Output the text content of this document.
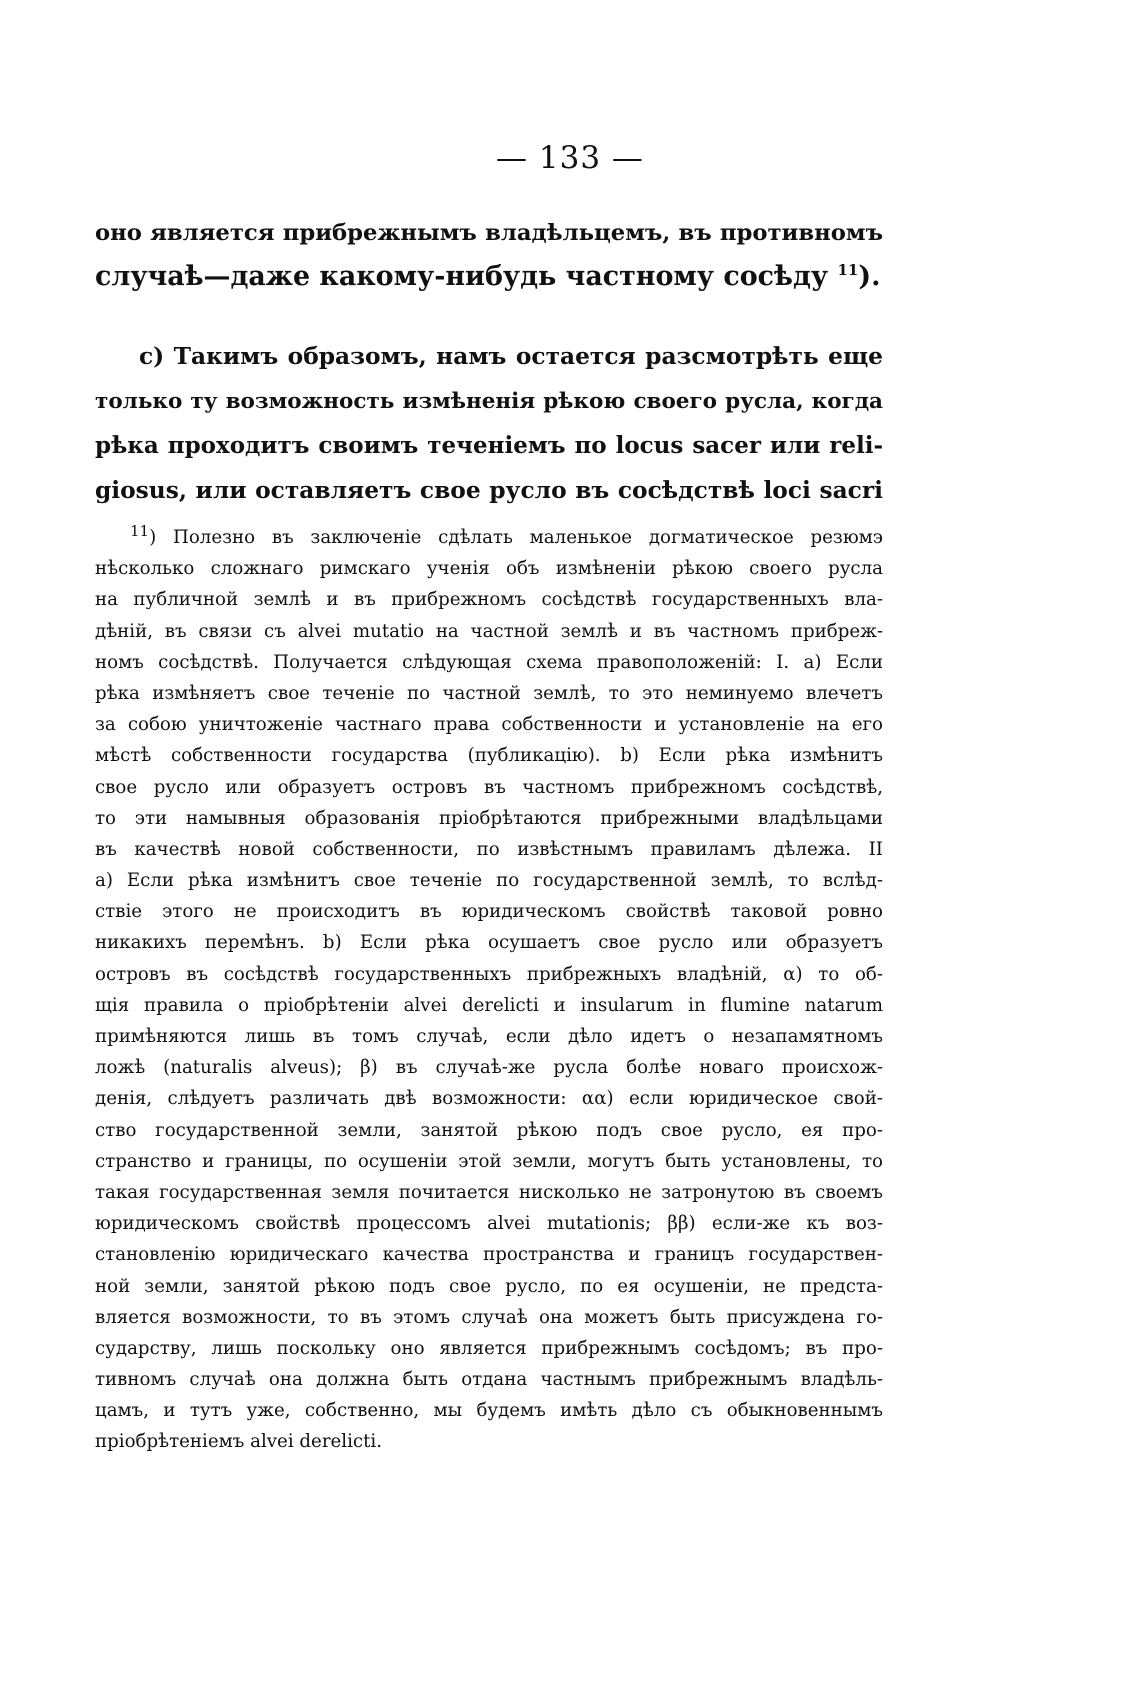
— 133 —
оно является прибрежнымъ владѣльцемъ, въ противномъ
случаѣ—даже какому-нибудь частному сосѣду $^{11}$).
c) Такимъ образомъ, намъ остается разсмотрѣть еще
только ту возможность измѣненія рѣкою своего русла, когда
рѣка проходитъ своимъ теченіемъ по locus sacer или reli-
giosus, или оставляетъ свое русло въ сосѣдствѣ loci sacri
$^{11}$) Полезно въ заключеніе сдѣлать маленькое догматическое резюмэ
нѣсколько сложнаго римскаго ученія объ измѣненіи рѣкою своего русла
на публичной землѣ и въ прибрежномъ сосѣдствѣ государственныхъ вла-
дѣній, въ связи съ alvei mutatio на частной землѣ и въ частномъ прибреж-
номъ сосѣдствѣ. Получается слѣдующая схема правоположеній: I. a) Если
рѣка измѣняетъ свое теченіе по частной землѣ, то это неминуемо влечетъ
за собою уничтоженіе частнаго права собственности и установленіе на его
мѣстѣ собственности государства (публикацію). b) Если рѣка измѣнитъ
свое русло или образуетъ островъ въ частномъ прибрежномъ сосѣдствѣ,
то эти намывныя образованія пріобрѣтаются прибрежными владѣльцами
въ качествѣ новой собственности, по извѣстнымъ правиламъ дѣлежа. II
a) Если рѣка измѣнитъ свое теченіе по государственной землѣ, то вслѣд-
ствіе этого не происходитъ въ юридическомъ свойствѣ таковой ровно
никакихъ перемѣнъ. b) Если рѣка осушаетъ свое русло или образуетъ
островъ въ сосѣдствѣ государственныхъ прибрежныхъ владѣній, α) то об-
щія правила о пріобрѣтеніи alvei derelicti и insularum in flumine natarum
примѣняются лишь въ томъ случаѣ, если дѣло идетъ о незапамятномъ
ложѣ (naturalis alveus); β) въ случаѣ-же русла болѣе новаго происхож-
денія, слѣдуетъ различать двѣ возможности: αα) если юридическое свой-
ство государственной земли, занятой рѣкою подъ свое русло, ея про-
странство и границы, по осушеніи этой земли, могутъ быть установлены, то
такая государственная земля почитается нисколько не затронутою въ своемъ
юридическомъ свойствѣ процессомъ alvei mutationis; ββ) если-же къ воз-
становленію юридическаго качества пространства и границъ государствен-
ной земли, занятой рѣкою подъ свое русло, по ея осушеніи, не предста-
вляется возможности, то въ этомъ случаѣ она можетъ быть присуждена го-
сударству, лишь поскольку оно является прибрежнымъ сосѣдомъ; въ про-
тивномъ случаѣ она должна быть отдана частнымъ прибрежнымъ владѣль-
цамъ, и тутъ уже, собственно, мы будемъ имѣть дѣло съ обыкновеннымъ
пріобрѣтеніемъ alvei derelicti.
